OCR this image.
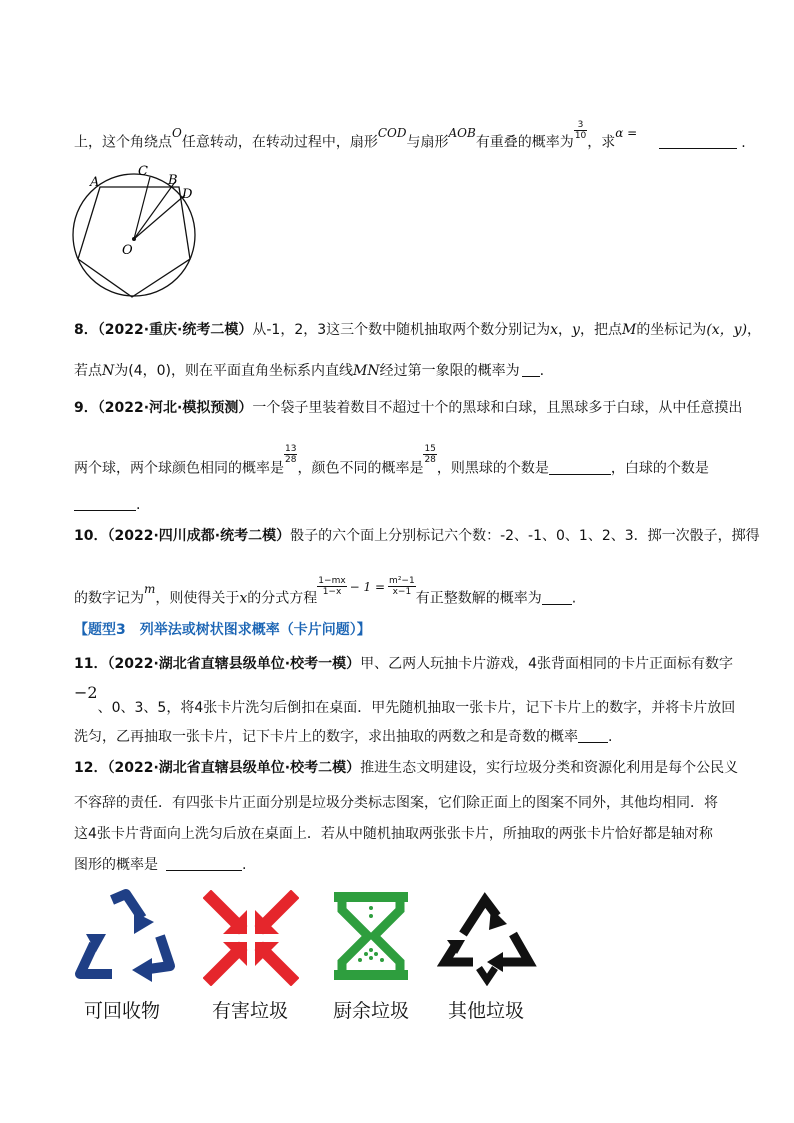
上，这个角绕点O任意转动，在转动过程中，扇形COD与扇形AOB有重叠的概率为
$\frac{3}{10}$
，求α =.
A
C
B
D
O
8．（2022·重庆·统考二模）从-1，2，3这三个数中随机抽取两个数分别记为x，y，把点M的坐标记为(x，y)，
若点N为(4，0)，则在平面直角坐标系内直线MN经过第一象限的概率为 .
9．（2022·河北·模拟预测）一个袋子里装着数目不超过十个的黑球和白球，且黑球多于白球，从中任意摸出
两个球，两个球颜色相同的概率是
$\frac{13}{28}$
，颜色不同的概率是
$\frac{15}{28}$
，则黑球的个数是	，白球的个数是
.
10．（2022·四川成都·统考二模）骰子的六个面上分别标记六个数：-2、-1、0、1、2、3．掷一次骰子，掷得
的数字记为m，则使得关于x的分式方程
$\frac{1-mx}{1-x} - 1 = \frac{\text{m²−1}}{x-1}$
有正整数解的概率为 .
【题型3　列举法或树状图求概率（卡片问题）】
11．（2022·湖北省直辖县级单位·校考一模）甲、乙两人玩抽卡片游戏，4张背面相同的卡片正面标有数字
−2、0、3、5，将4张卡片洗匀后倒扣在桌面．甲先随机抽取一张卡片，记下卡片上的数字，并将卡片放回
洗匀，乙再抽取一张卡片，记下卡片上的数字，求出抽取的两数之和是奇数的概率 .
12．（2022·湖北省直辖县级单位·校考二模）推进生态文明建设，实行垃圾分类和资源化利用是每个公民义
不容辞的责任．有四张卡片正面分别是垃圾分类标志图案，它们除正面上的图案不同外，其他均相同．将
这4张卡片背面向上洗匀后放在桌面上．若从中随机抽取两张张卡片，所抽取的两张卡片恰好都是轴对称
图形的概率是	.
可回收物	有害垃圾 厨余垃圾 其他垃圾
